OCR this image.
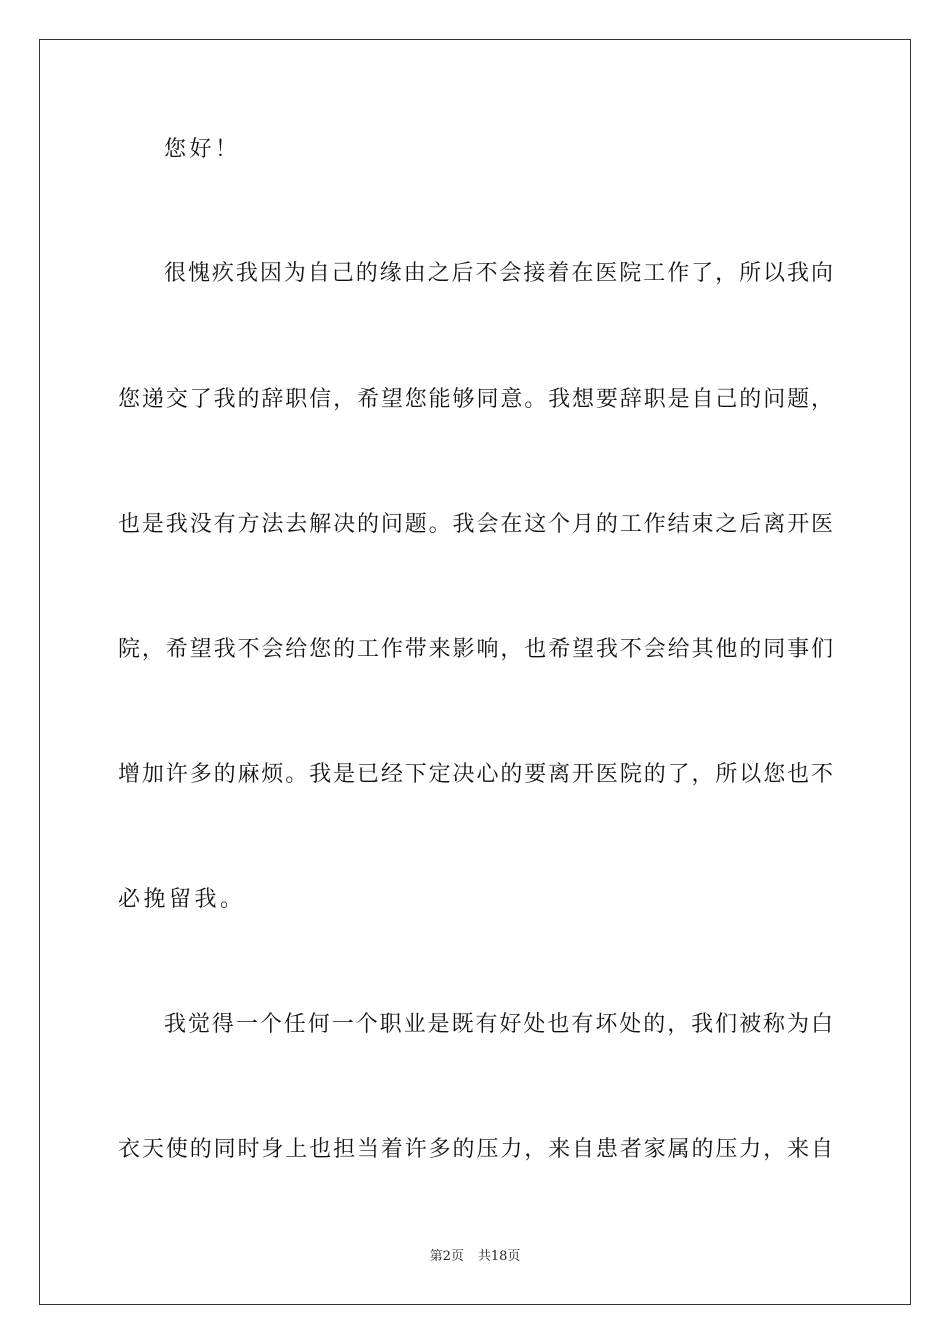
您好！
很愧疚我因为自己的缘由之后不会接着在医院工作了，所以我向
您递交了我的辞职信，希望您能够同意。我想要辞职是自己的问题，
也是我没有方法去解决的问题。我会在这个月的工作结束之后离开医
院，希望我不会给您的工作带来影响，也希望我不会给其他的同事们
增加许多的麻烦。我是已经下定决心的要离开医院的了，所以您也不
必挽留我。
我觉得一个任何一个职业是既有好处也有坏处的，我们被称为白
衣天使的同时身上也担当着许多的压力，来自患者家属的压力，来自
第2页 共18页
